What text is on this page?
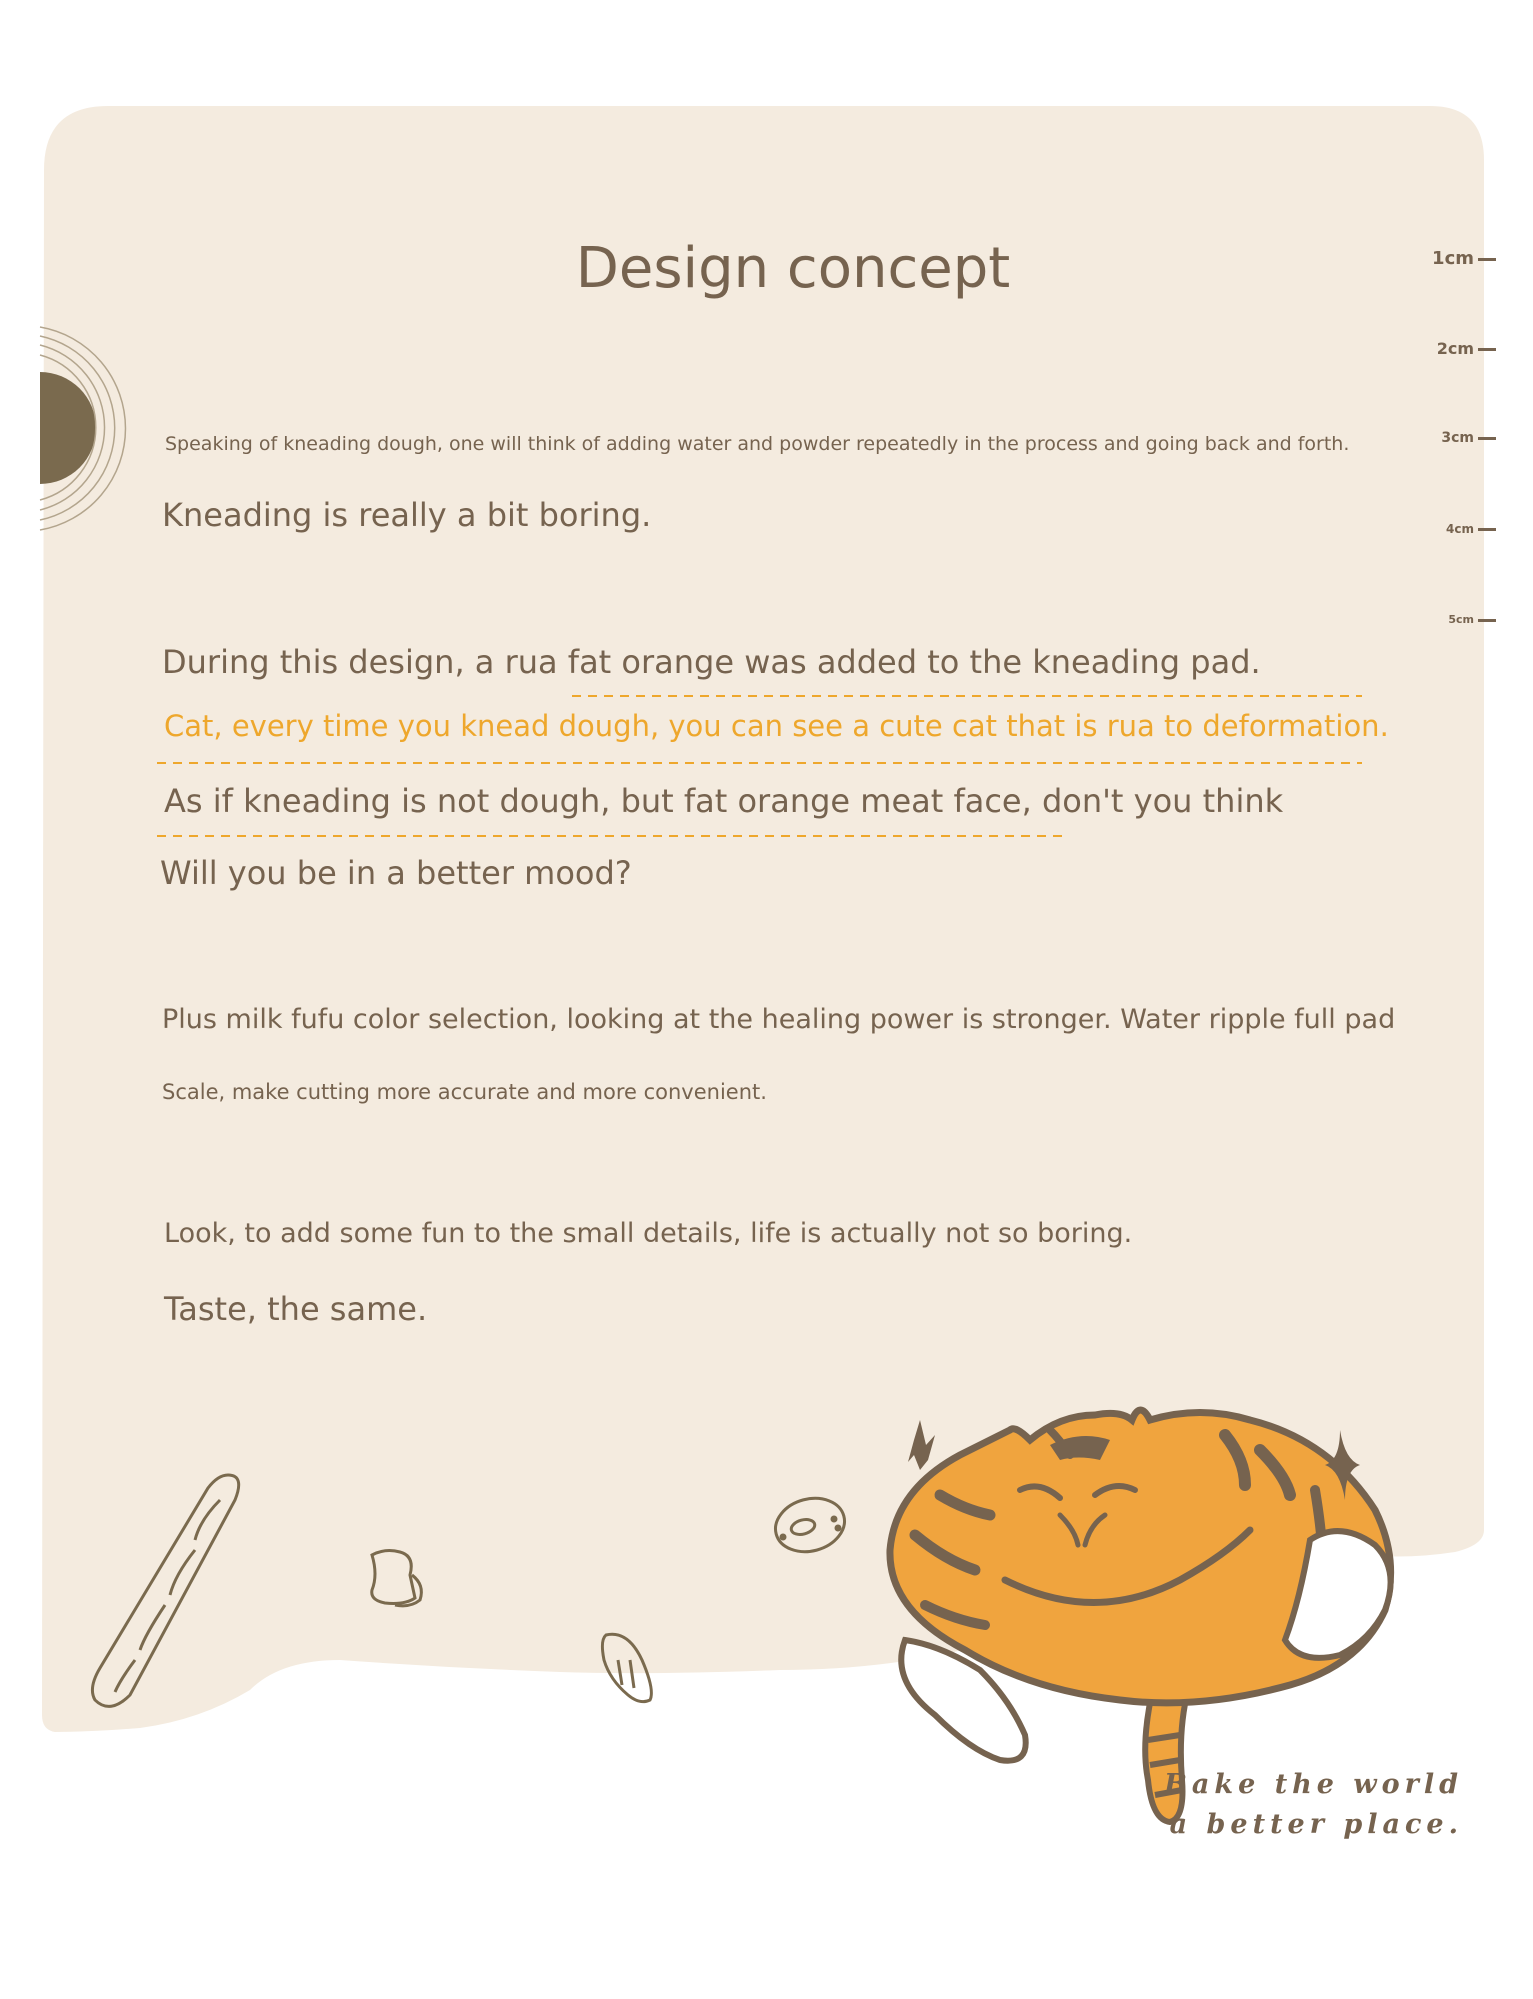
Design concept	1cm
2cm
3cm
4cm
5cm
Speaking of kneading dough, one will think of adding water and powder repeatedly in the process and going back and forth.
Kneading is really a bit boring.
During this design, a rua fat orange was added to the kneading pad.
Cat, every time you knead dough, you can see a cute cat that is rua to deformation.
As if kneading is not dough, but fat orange meat face, don't you think
Will you be in a better mood?
Plus milk fufu color selection, looking at the healing power is stronger. Water ripple full pad
Scale, make cutting more accurate and more convenient.
Look, to add some fun to the small details, life is actually not so boring.
Taste, the same.
Bake the world
a better place.
